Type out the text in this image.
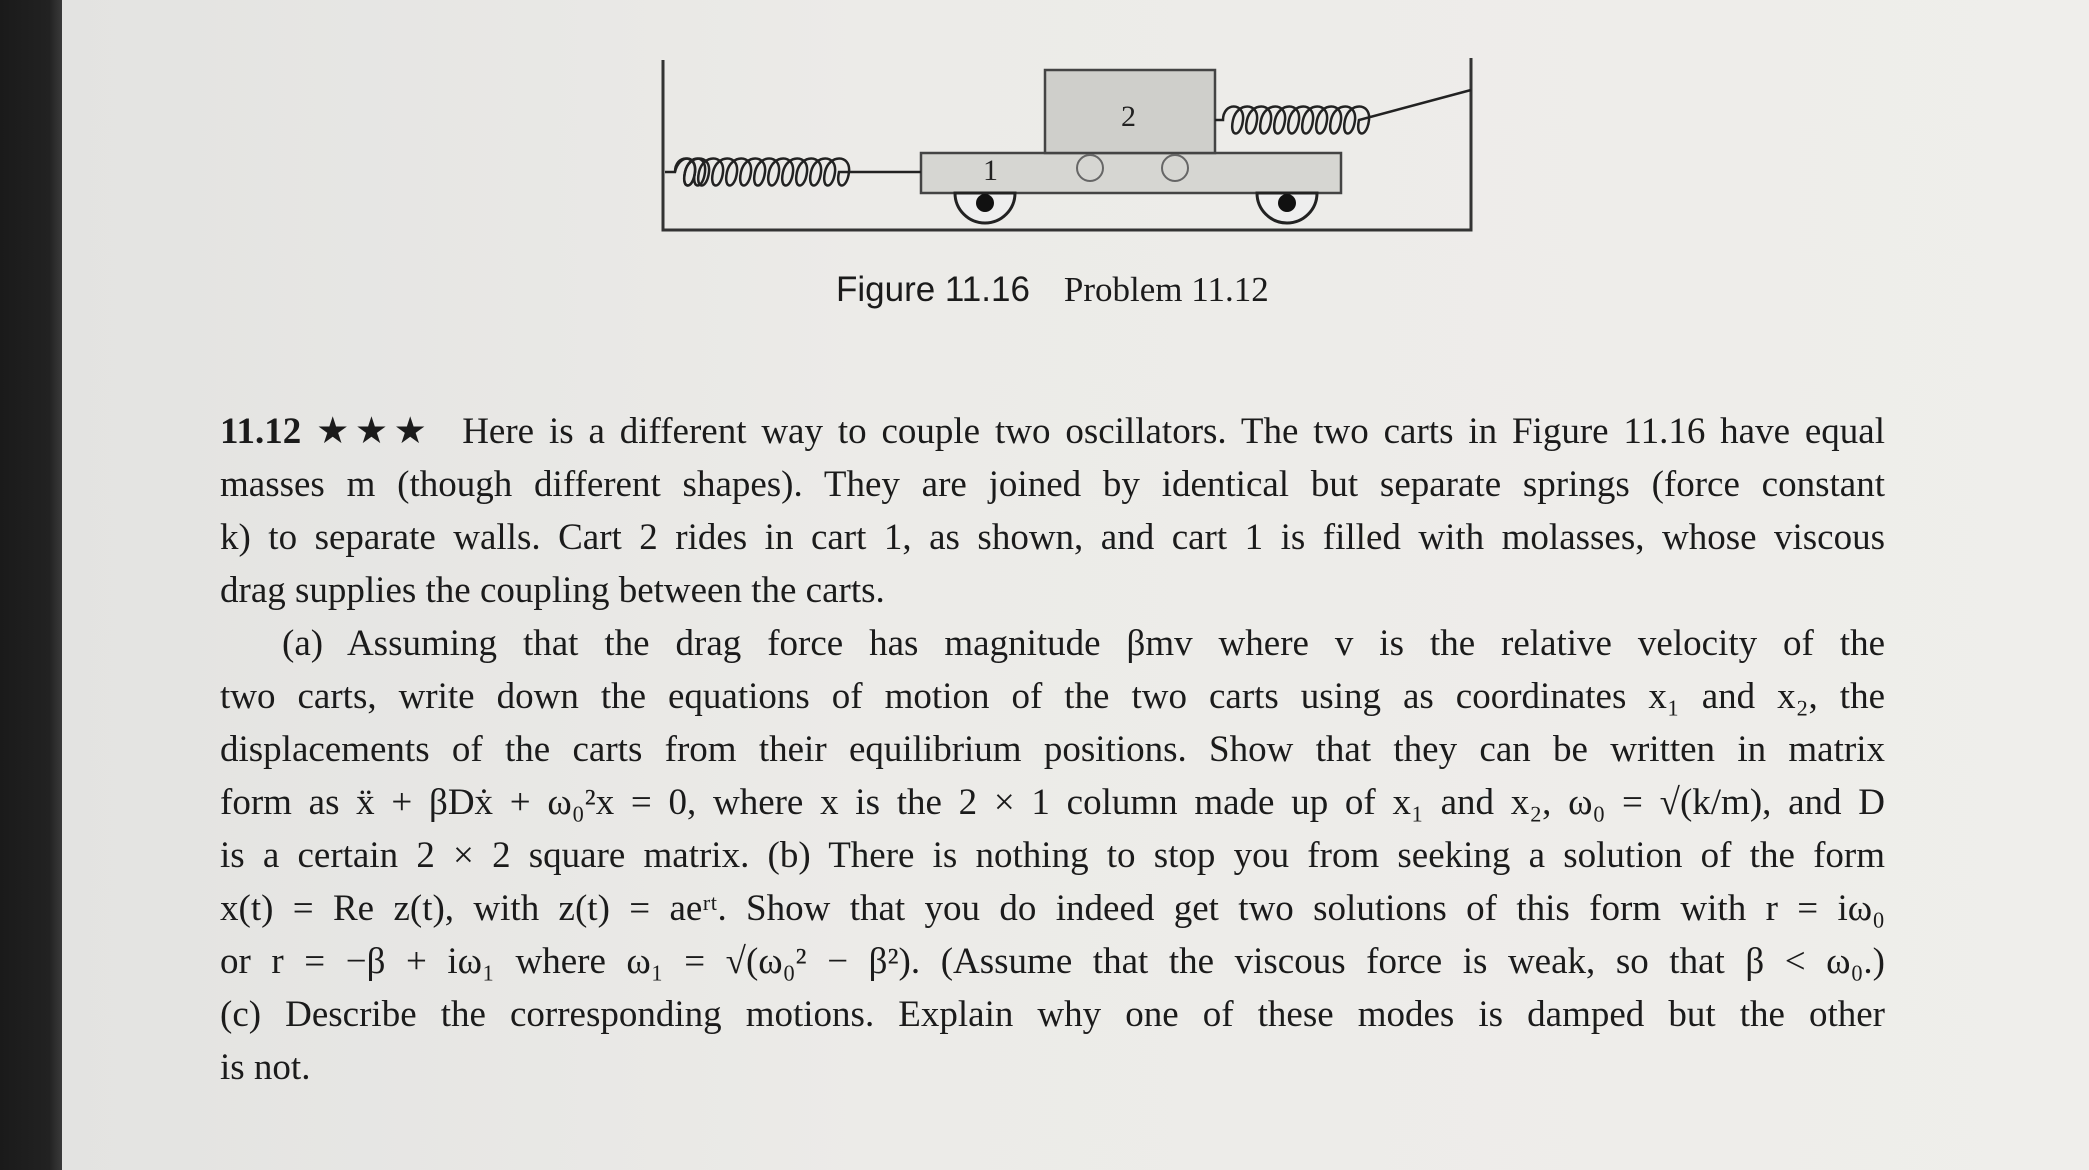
1
2
Figure 11.16 Problem 11.12
11.12 ★★★ Here is a different way to couple two oscillators. The two carts in Figure 11.16 have equal
masses m (though different shapes). They are joined by identical but separate springs (force constant
k) to separate walls. Cart 2 rides in cart 1, as shown, and cart 1 is filled with molasses, whose viscous
drag supplies the coupling between the carts.
(a) Assuming that the drag force has magnitude βmv where v is the relative velocity of the
two carts, write down the equations of motion of the two carts using as coordinates x₁ and x₂, the
displacements of the carts from their equilibrium positions. Show that they can be written in matrix
form as ẍ + βDẋ + ω₀²x = 0, where x is the 2 × 1 column made up of x₁ and x₂, ω₀ = √(k/m), and D
is a certain 2 × 2 square matrix. (b) There is nothing to stop you from seeking a solution of the form
x(t) = Re z(t), with z(t) = aeʳᵗ. Show that you do indeed get two solutions of this form with r = iω₀
or r = −β + iω₁ where ω₁ = √(ω₀² − β²). (Assume that the viscous force is weak, so that β < ω₀.)
(c) Describe the corresponding motions. Explain why one of these modes is damped but the other
is not.
